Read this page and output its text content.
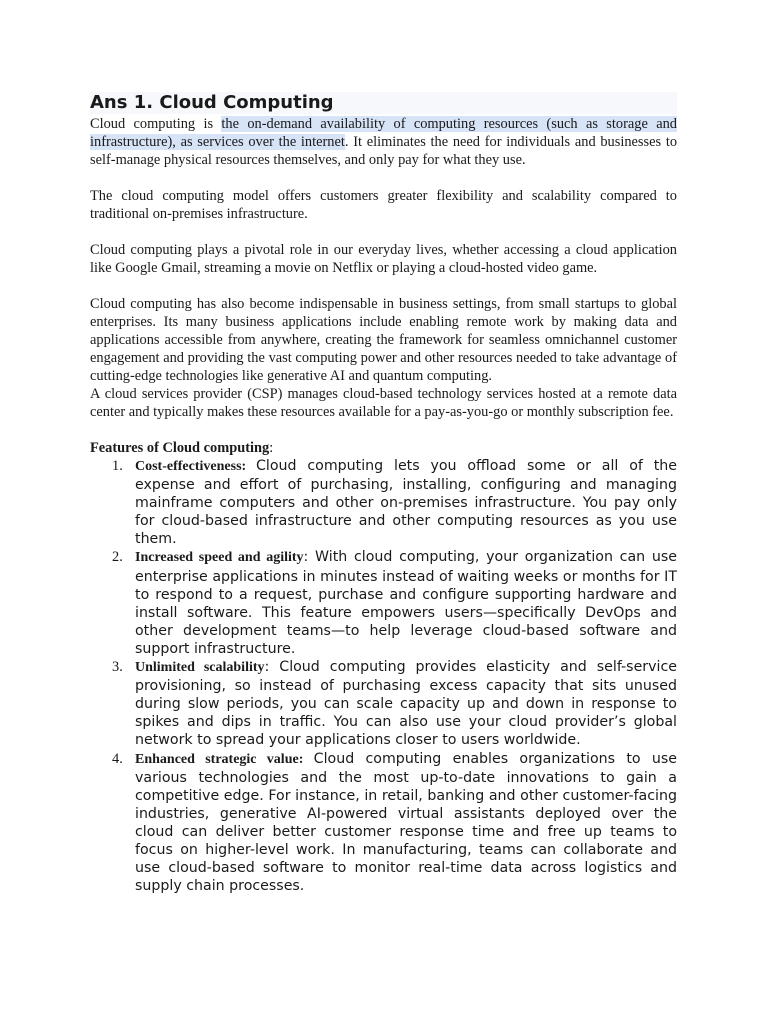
Ans 1. Cloud Computing

Cloud computing is the on-demand availability of computing resources (such as storage and infrastructure), as services over the internet. It eliminates the need for individuals and businesses to self-manage physical resources themselves, and only pay for what they use.

The cloud computing model offers customers greater flexibility and scalability compared to traditional on-premises infrastructure.

Cloud computing plays a pivotal role in our everyday lives, whether accessing a cloud application like Google Gmail, streaming a movie on Netflix or playing a cloud-hosted video game.

Cloud computing has also become indispensable in business settings, from small startups to global enterprises. Its many business applications include enabling remote work by making data and applications accessible from anywhere, creating the framework for seamless omnichannel customer engagement and providing the vast computing power and other resources needed to take advantage of cutting-edge technologies like generative AI and quantum computing.

A cloud services provider (CSP) manages cloud-based technology services hosted at a remote data center and typically makes these resources available for a pay-as-you-go or monthly subscription fee.

Features of Cloud computing:

1. Cost-effectiveness: Cloud computing lets you offload some or all of the expense and effort of purchasing, installing, configuring and managing mainframe computers and other on-premises infrastructure. You pay only for cloud-based infrastructure and other computing resources as you use them.
2. Increased speed and agility: With cloud computing, your organization can use enterprise applications in minutes instead of waiting weeks or months for IT to respond to a request, purchase and configure supporting hardware and install software. This feature empowers users—specifically DevOps and other development teams—to help leverage cloud-based software and support infrastructure.
3. Unlimited scalability: Cloud computing provides elasticity and self-service provisioning, so instead of purchasing excess capacity that sits unused during slow periods, you can scale capacity up and down in response to spikes and dips in traffic. You can also use your cloud provider’s global network to spread your applications closer to users worldwide.
4. Enhanced strategic value: Cloud computing enables organizations to use various technologies and the most up-to-date innovations to gain a competitive edge. For instance, in retail, banking and other customer-facing industries, generative AI-powered virtual assistants deployed over the cloud can deliver better customer response time and free up teams to focus on higher-level work. In manufacturing, teams can collaborate and use cloud-based software to monitor real-time data across logistics and supply chain processes.
